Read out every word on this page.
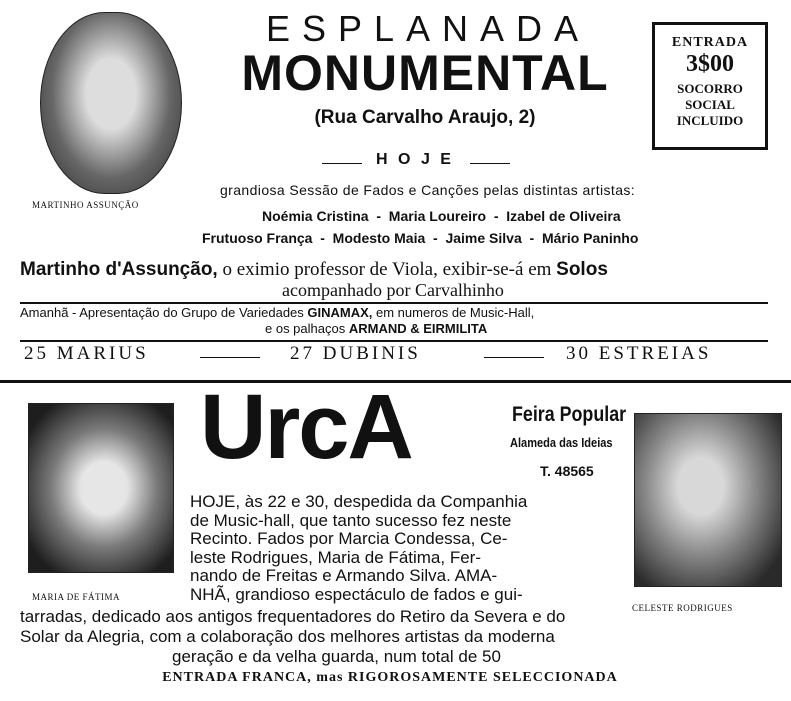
MARTINHO ASSUNÇÃO
ESPLANADA
MONUMENTAL
(Rua Carvalho Araujo, 2)
ENTRADA
3$00
SOCORRO
SOCIAL
INCLUIDO
H O J E
grandiosa Sessão de Fados e Canções pelas distintas artistas:
Noémia Cristina  -  Maria Loureiro  -  Izabel de Oliveira
Frutuoso França  -  Modesto Maia  -  Jaime Silva  -  Mário Paninho
Martinho d'Assunção, o eximio professor de Viola, exibir-se-á em Solos
acompanhado por Carvalhinho
Amanhã - Apresentação do Grupo de Variedades GINAMAX, em numeros de Music-Hall,
e os palhaços ARMAND & EIRMILITA
25 MARIUS	27 DUBINIS	30 ESTREIAS
MARIA DE FÁTIMA
UrcA	Feira Popular
Alameda das Ideias
T. 48565
CELESTE RODRIGUES
HOJE, às 22 e 30, despedida da Companhia
de Music-hall, que tanto sucesso fez neste
Recinto. Fados por Marcia Condessa, Ce-
leste Rodrigues, Maria de Fátima, Fer-
nando de Freitas e Armando Silva. AMA-
NHÃ, grandioso espectáculo de fados e gui-
tarradas, dedicado aos antigos frequentadores do Retiro da Severa e do
Solar da Alegria, com a colaboração dos melhores artistas da moderna
geração e da velha guarda, num total de 50
ENTRADA FRANCA, mas RIGOROSAMENTE SELECCIONADA
